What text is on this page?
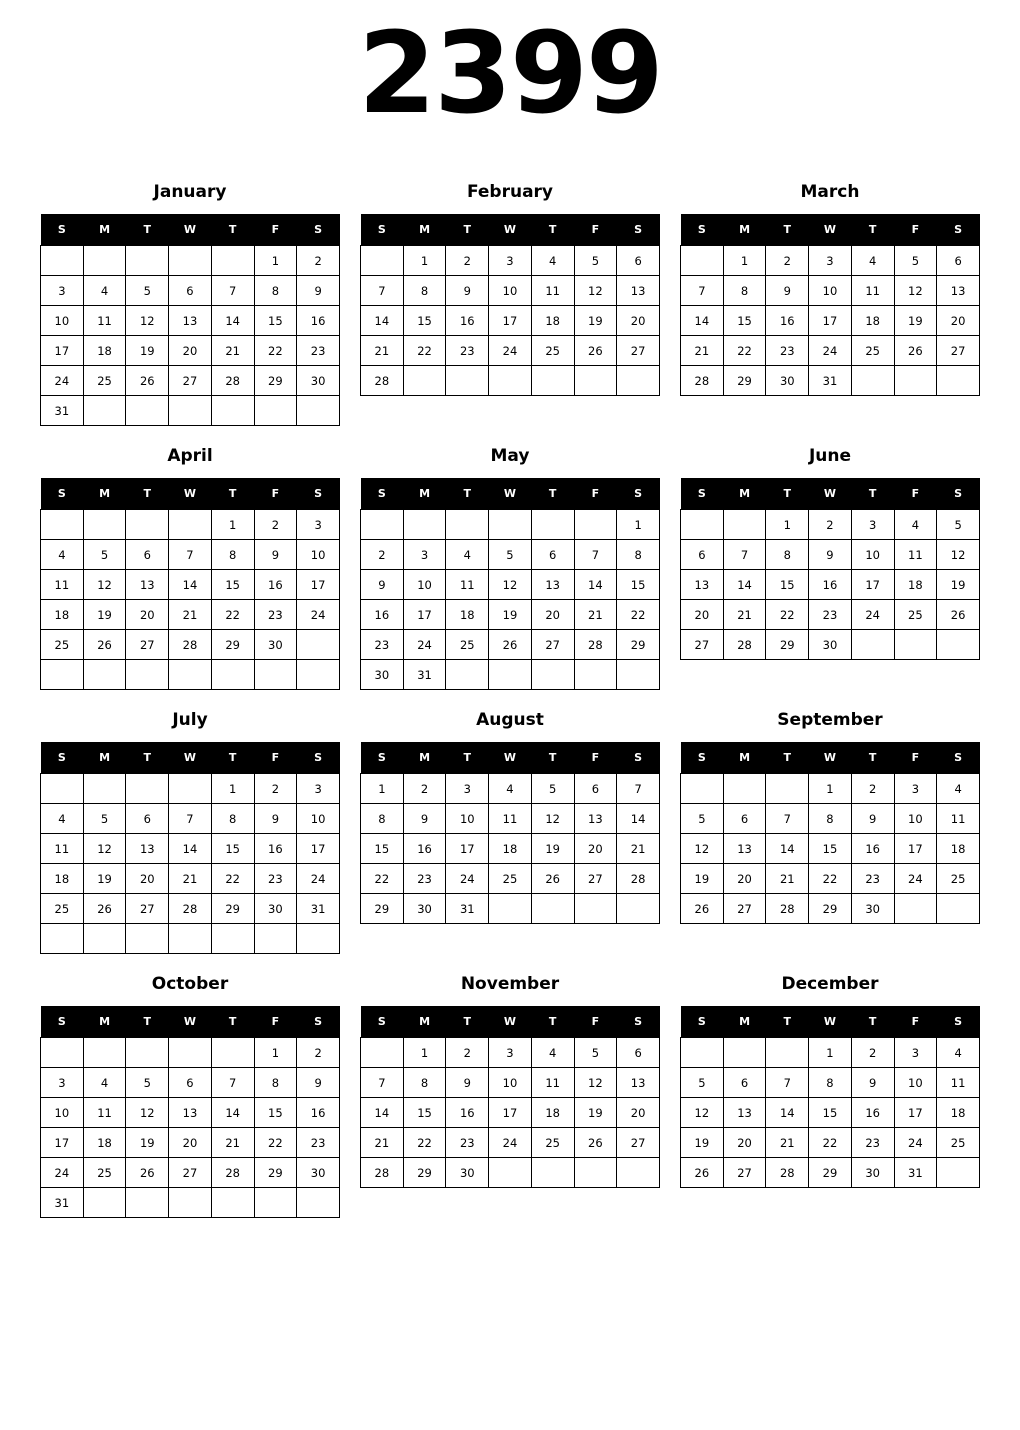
2399
January
S	M	T	W	T	F	S
					1	2
3	4	5	6	7	8	9
10	11	12	13	14	15	16
17	18	19	20	21	22	23
24	25	26	27	28	29	30
31						
February
S	M	T	W	T	F	S
	1	2	3	4	5	6
7	8	9	10	11	12	13
14	15	16	17	18	19	20
21	22	23	24	25	26	27
28						
March
S	M	T	W	T	F	S
	1	2	3	4	5	6
7	8	9	10	11	12	13
14	15	16	17	18	19	20
21	22	23	24	25	26	27
28	29	30	31			
April
S	M	T	W	T	F	S
				1	2	3
4	5	6	7	8	9	10
11	12	13	14	15	16	17
18	19	20	21	22	23	24
25	26	27	28	29	30	

May
S	M	T	W	T	F	S
						1
2	3	4	5	6	7	8
9	10	11	12	13	14	15
16	17	18	19	20	21	22
23	24	25	26	27	28	29
30	31					
June
S	M	T	W	T	F	S
		1	2	3	4	5
6	7	8	9	10	11	12
13	14	15	16	17	18	19
20	21	22	23	24	25	26
27	28	29	30			
July
S	M	T	W	T	F	S
				1	2	3
4	5	6	7	8	9	10
11	12	13	14	15	16	17
18	19	20	21	22	23	24
25	26	27	28	29	30	31

August
S	M	T	W	T	F	S
1	2	3	4	5	6	7
8	9	10	11	12	13	14
15	16	17	18	19	20	21
22	23	24	25	26	27	28
29	30	31				
September
S	M	T	W	T	F	S
			1	2	3	4
5	6	7	8	9	10	11
12	13	14	15	16	17	18
19	20	21	22	23	24	25
26	27	28	29	30		
October
S	M	T	W	T	F	S
					1	2
3	4	5	6	7	8	9
10	11	12	13	14	15	16
17	18	19	20	21	22	23
24	25	26	27	28	29	30
31						
November
S	M	T	W	T	F	S
	1	2	3	4	5	6
7	8	9	10	11	12	13
14	15	16	17	18	19	20
21	22	23	24	25	26	27
28	29	30				
December
S	M	T	W	T	F	S
			1	2	3	4
5	6	7	8	9	10	11
12	13	14	15	16	17	18
19	20	21	22	23	24	25
26	27	28	29	30	31	
